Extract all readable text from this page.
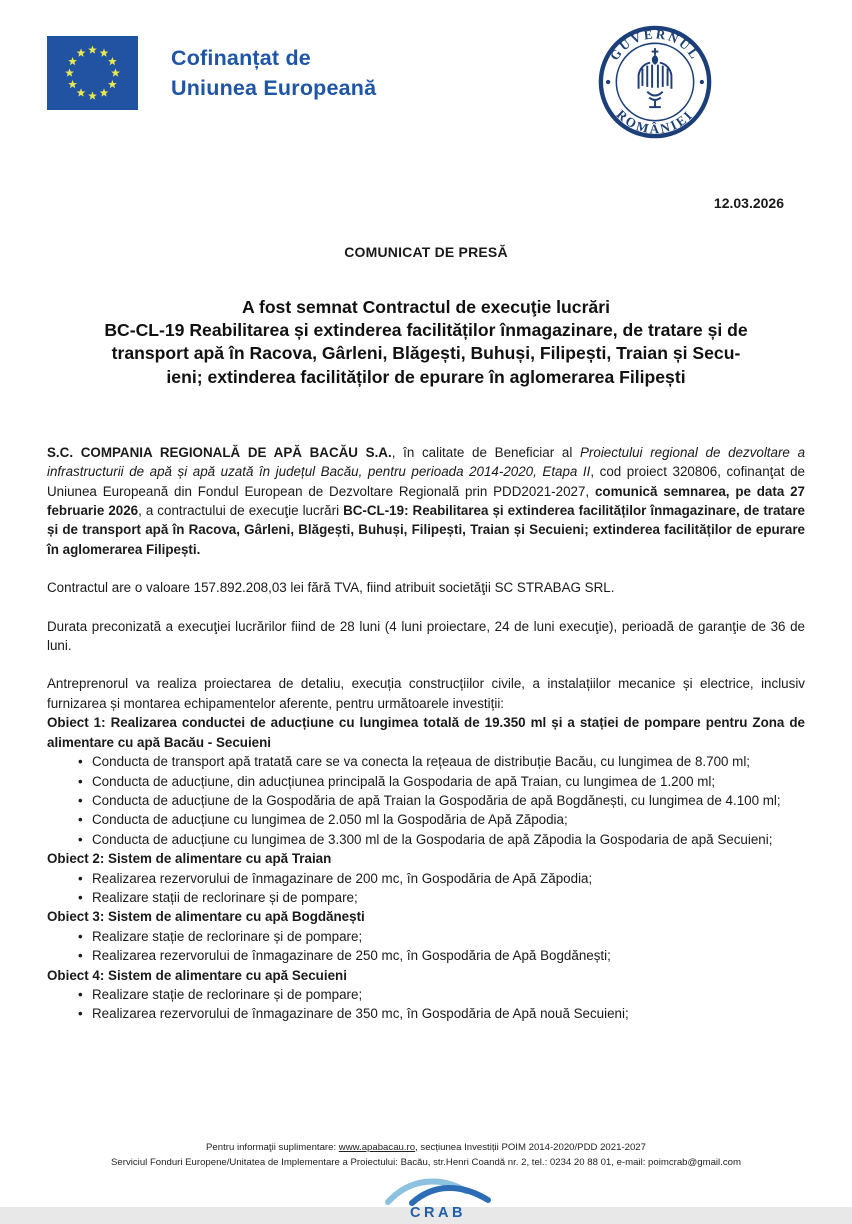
Cofinanțat de
Uniunea Europeană
GUVERNUL
ROMÂNIEI
12.03.2026
COMUNICAT DE PRESĂ
A fost semnat Contractul de execuţie lucrări
BC-CL-19 Reabilitarea și extinderea facilităților înmagazinare, de tratare și de
transport apă în Racova, Gârleni, Blăgești, Buhuși, Filipești, Traian și Secu-
ieni; extinderea facilităților de epurare în aglomerarea Filipești

S.C. COMPANIA REGIONALĂ DE APĂ BACĂU S.A., în calitate de Beneficiar al Proiectului regional de dezvoltare a infrastructurii de apă și apă uzată în județul Bacău, pentru perioada 2014-2020, Etapa II, cod proiect 320806, cofinanţat de Uniunea Europeană din Fondul European de Dezvoltare Regională prin PDD2021-2027, comunică semnarea, pe data 27 februarie 2026, a contractului de execuţie lucrări BC-CL-19: Reabilitarea și extinderea facilităților înmagazinare, de tratare și de transport apă în Racova, Gârleni, Blăgești, Buhuși, Filipești, Traian și Secuieni; extinderea facilităților de epurare în aglomerarea Filipești.

Contractul are o valoare 157.892.208,03 lei fără TVA, fiind atribuit societăţii SC STRABAG SRL.

Durata preconizată a execuţiei lucrărilor fiind de 28 luni (4 luni proiectare, 24 de luni execuţie), perioadă de garanţie de 36 de luni.

Antreprenorul va realiza proiectarea de detaliu, execuția construcțiilor civile, a instalațiilor mecanice și electrice, inclusiv furnizarea și montarea echipamentelor aferente, pentru următoarele investiții:

Obiect 1: Realizarea conductei de aducțiune cu lungimea totală de 19.350 ml și a stației de pompare pentru Zona de alimentare cu apă Bacău - Secuieni
• Conducta de transport apă tratată care se va conecta la rețeaua de distribuție Bacău, cu lungimea de 8.700 ml;
• Conducta de aducțiune, din aducțiunea principală la Gospodaria de apă Traian, cu lungimea de 1.200 ml;
• Conducta de aducțiune de la Gospodăria de apă Traian la Gospodăria de apă Bogdănești, cu lungimea de 4.100 ml;
• Conducta de aducțiune cu lungimea de 2.050 ml la Gospodăria de Apă Zăpodia;
• Conducta de aducțiune cu lungimea de 3.300 ml de la Gospodaria de apă Zăpodia la Gospodaria de apă Secuieni;
Obiect 2: Sistem de alimentare cu apă Traian
• Realizarea rezervorului de înmagazinare de 200 mc, în Gospodăria de Apă Zăpodia;
• Realizare stații de reclorinare și de pompare;
Obiect 3: Sistem de alimentare cu apă Bogdănești
• Realizare stație de reclorinare și de pompare;
• Realizarea rezervorului de înmagazinare de 250 mc, în Gospodăria de Apă Bogdănești;
Obiect 4: Sistem de alimentare cu apă Secuieni
• Realizare stație de reclorinare și de pompare;
• Realizarea rezervorului de înmagazinare de 350 mc, în Gospodăria de Apă nouă Secuieni;
Pentru informaţii suplimentare: www.apabacau.ro, secțiunea Investiții POIM 2014-2020/PDD 2021-2027
Serviciul Fonduri Europene/Unitatea de Implementare a Proiectului: Bacău, str.Henri Coandă nr. 2, tel.: 0234 20 88 01, e-mail: poimcrab@gmail.com
CRAB
